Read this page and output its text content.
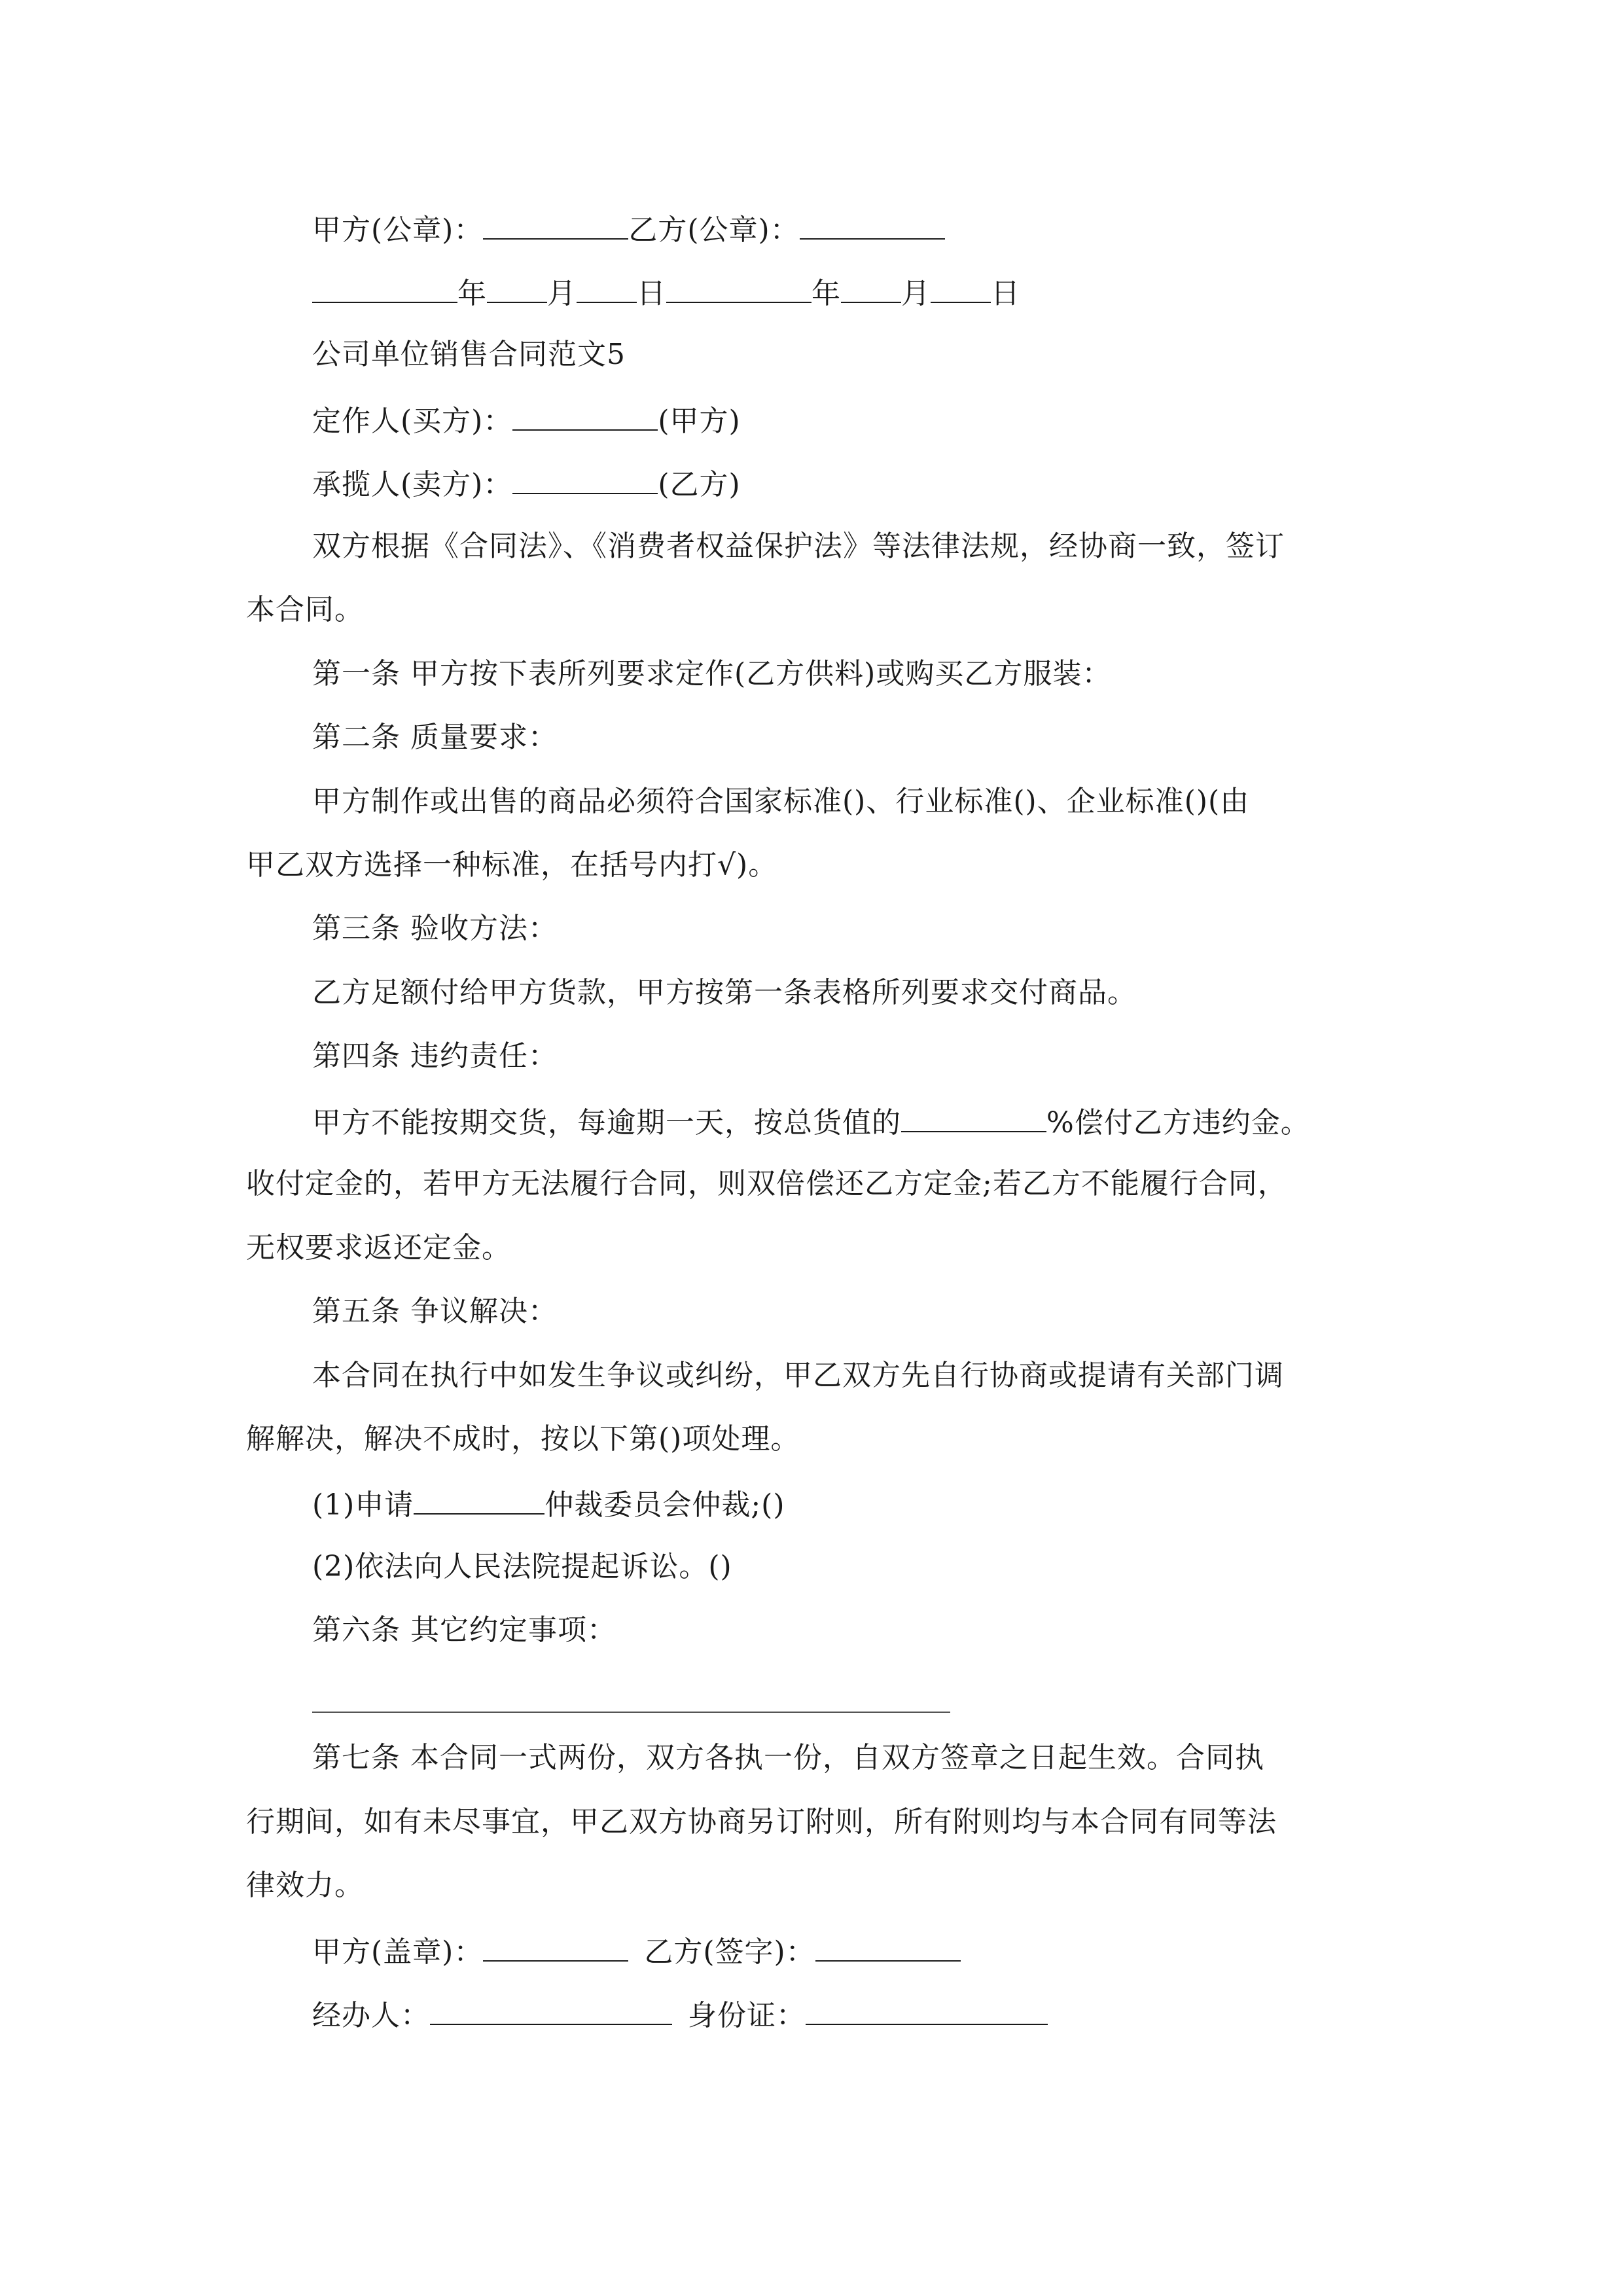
甲方(公章)：	乙方(公章)：
年 月 日	年 月 日
公司单位销售合同范文5
定作人(买方)：	(甲方)
承揽人(卖方)：	(乙方)
双方根据《合同法》、《消费者权益保护法》等法律法规，经协商一致，签订
本合同。
第一条 甲方按下表所列要求定作(乙方供料)或购买乙方服装：
第二条 质量要求：
甲方制作或出售的商品必须符合国家标准()、行业标准()、企业标准()(由
甲乙双方选择一种标准，在括号内打√)。
第三条 验收方法：
乙方足额付给甲方货款，甲方按第一条表格所列要求交付商品。
第四条 违约责任：
甲方不能按期交货，每逾期一天，按总货值的	%偿付乙方违约金。
收付定金的，若甲方无法履行合同，则双倍偿还乙方定金;若乙方不能履行合同，
无权要求返还定金。
第五条 争议解决：
本合同在执行中如发生争议或纠纷，甲乙双方先自行协商或提请有关部门调
解解决，解决不成时，按以下第()项处理。
(1)申请	仲裁委员会仲裁;()
(2)依法向人民法院提起诉讼。()
第六条 其它约定事项：
第七条 本合同一式两份，双方各执一份，自双方签章之日起生效。合同执
行期间，如有未尽事宜，甲乙双方协商另订附则，所有附则均与本合同有同等法
律效力。
甲方(盖章)：	乙方(签字)：
经办人：	身份证：
